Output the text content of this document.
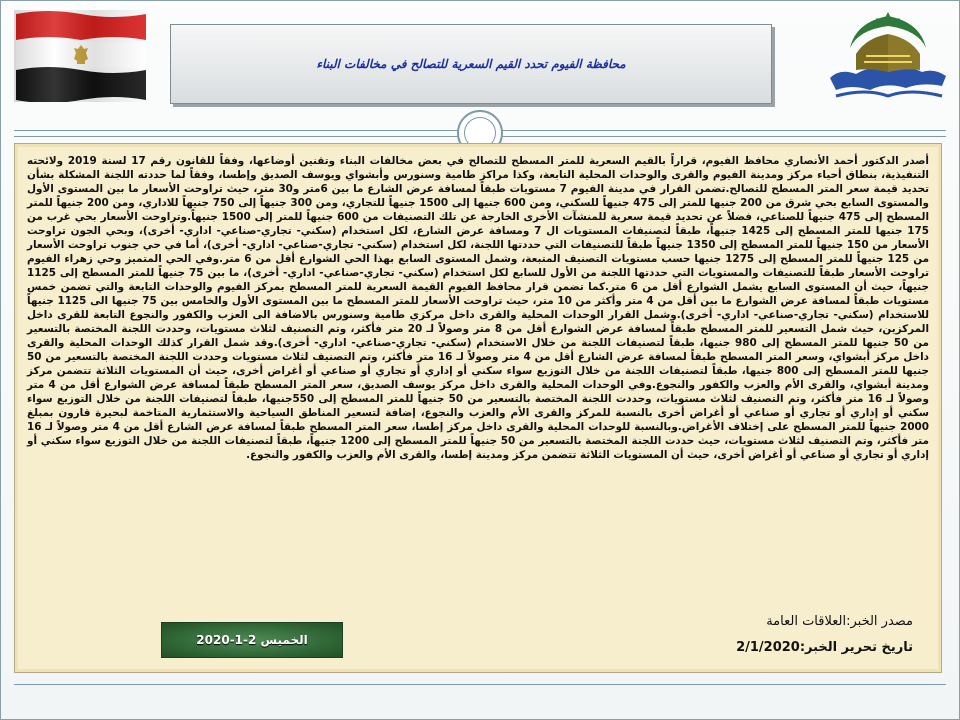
محافظة الفيوم تحدد القيم السعرية للتصالح في مخالفات البناء
أصدر الدكتور أحمد الأنصاري محافظ الفيوم، قراراً بالقيم السعرية للمتر المسطح للتصالح في بعض مخالفات البناء وتقنين أوضاعها، وفقاً للقانون رقم 17 لسنة 2019 ولائحته التنفيذية، بنطاق أحياء مركز ومدينة الفيوم والقرى والوحدات المحلية التابعة، وكذا مراكز طامية وسنورس وأبشواي ويوسف الصديق وإطسا، وفقاً لما حددته اللجنة المشكلة بشأن تحديد قيمة سعر المتر المسطح للتصالح.تضمن القرار في مدينة الفيوم 7 مستويات طبقاً لمسافة عرض الشارع ما بين 6متر و30 متر، حيث تراوحت الأسعار ما بين المستوى الأول والمستوى السابع بحي شرق من 200 جنيها للمتر إلى 475 جنيهاً للسكني، ومن 600 جنيها إلى 1500 جنيهاً للتجاري، ومن 300 جنيهاً إلى 750 جنيهاً للاداري، ومن 200 جنيهاً للمتر المسطح إلى 475 جنيهاً للصناعي، فضلاً عن تحديد قيمة سعرية للمنشآت الأخرى الخارجة عن تلك التصنيفات من 600 جنيهاً للمتر إلى 1500 جنيهاً.وتراوحت الأسعار بحي غرب من 175 جنيها للمتر المسطح إلى 1425 جنيهاً، طبقاً لتصنيفات المستويات ال 7 ومسافة عرض الشارع، لكل استخدام (سكني- تجاري-صناعي- اداري- أخرى)، وبحي الجون تراوحت الأسعار من 150 جنيهاً للمتر المسطح إلى 1350 جنيهاً طبقاً للتصنيفات التي حددتها اللجنة، لكل استخدام (سكني- تجاري-صناعي- اداري- أخرى)، أما في حي جنوب تراوحت الأسعار من 125 جنيهاً للمتر المسطح إلى 1275 جنيها حسب مستويات التصنيف المتبعة، وشمل المستوى السابع بهذا الحي الشوارع أقل من 6 متر.وفي الحي المتميز وحي زهراء الفيوم تراوحت الأسعار طبقاً للتصنيفات والمستويات التي حددتها اللجنة من الأول للسابع لكل استخدام (سكني- تجاري-صناعي- اداري- أخرى)، ما بين 75 جنيهاً للمتر المسطح إلى 1125 جنيهاً، حيث أن المستوى السابع يشمل الشوارع أقل من 6 متر.كما تضمن قرار محافظ الفيوم القيمة السعرية للمتر المسطح بمركز الفيوم والوحدات التابعة والتي تضمن خمس مستويات طبقاً لمسافة عرض الشوارع ما بين أقل من 4 متر وأكثر من 10 متر، حيث تراوحت الأسعار للمتر المسطح ما بين المستوى الأول والخامس بين 75 جنيها الى 1125 جنيهاً للاستخدام (سكني- تجاري-صناعي- اداري- أخرى).وشمل القرار الوحدات المحلية والقرى داخل مركزي طامية وسنورس بالاضافة الى العزب والكفور والنجوع التابعة للقرى داخل المركزين، حيث شمل التسعير للمتر المسطح طبقاً لمسافة عرض الشوارع أقل من 8 متر وصولاً لـ 20 متر فأكثر، وتم التصنيف لثلاث مستويات، وحددت اللجنة المختصة بالتسعير من 50 جنيها للمتر المسطح إلى 980 جنيها، طبقاً لتصنيفات اللجنة من خلال الاستخدام (سكني- تجاري-صناعي- اداري- أخرى).وقد شمل القرار كذلك الوحدات المحلية والقرى داخل مركز أبشواي، وسعر المتر المسطح طبقاً لمسافة عرض الشارع أقل من 4 متر وصولاً لـ 16 متر فأكثر، وتم التصنيف لثلاث مستويات وحددت اللجنة المختصة بالتسعير من 50 جنيها للمتر المسطح إلى 800 جنيها، طبقاً لتصنيفات اللجنة من خلال التوزيع سواء سكني أو إداري أو تجاري أو صناعي أو أغراض أخرى، حيث أن المستويات الثلاثة تتضمن مركز ومدينة أبشواي، والقرى الأم والعزب والكفور والنجوع.وفي الوحدات المحلية والقرى داخل مركز يوسف الصديق، سعر المتر المسطح طبقاً لمسافة عرض الشوارع أقل من 4 متر وصولاً لـ 16 متر فأكثر، وتم التصنيف لثلاث مستويات، وحددت اللجنة المختصة بالتسعير من 50 جنيهاً للمتر المسطح إلى 550جنيها، طبقاً لتصنيفات اللجنة من خلال التوزيع سواء سكني أو إداري أو تجاري أو صناعي أو أغراض أخرى بالنسبة للمركز والقرى الأم والعزب والنجوع، إضافة لتسعير المناطق السياحية والاستثمارية المتاخمة لبحيرة قارون بمبلغ 2000 جنيهاً للمتر المسطح على إختلاف الأغراض.وبالنسبة للوحدات المحلية والقرى داخل مركز إطسا، سعر المتر المسطح طبقاً لمسافة عرض الشارع أقل من 4 متر وصولاً لـ 16 متر فأكثر، وتم التصنيف لثلاث مستويات، حيث حددت اللجنة المختصة بالتسعير من 50 جنيهاً للمتر المسطح إلى 1200 جنيهاً، طبقاً لتصنيفات اللجنة من خلال التوزيع سواء سكني أو إداري أو تجاري أو صناعي أو أغراض أخرى، حيث أن المستويات الثلاثة تتضمن مركز ومدينة إطسا، والقرى الأم والعزب والكفور والنجوع.
مصدر الخبر:العلاقات العامة
تاريخ تحرير الخبر:2/1/2020
الخميس 2-1-2020
